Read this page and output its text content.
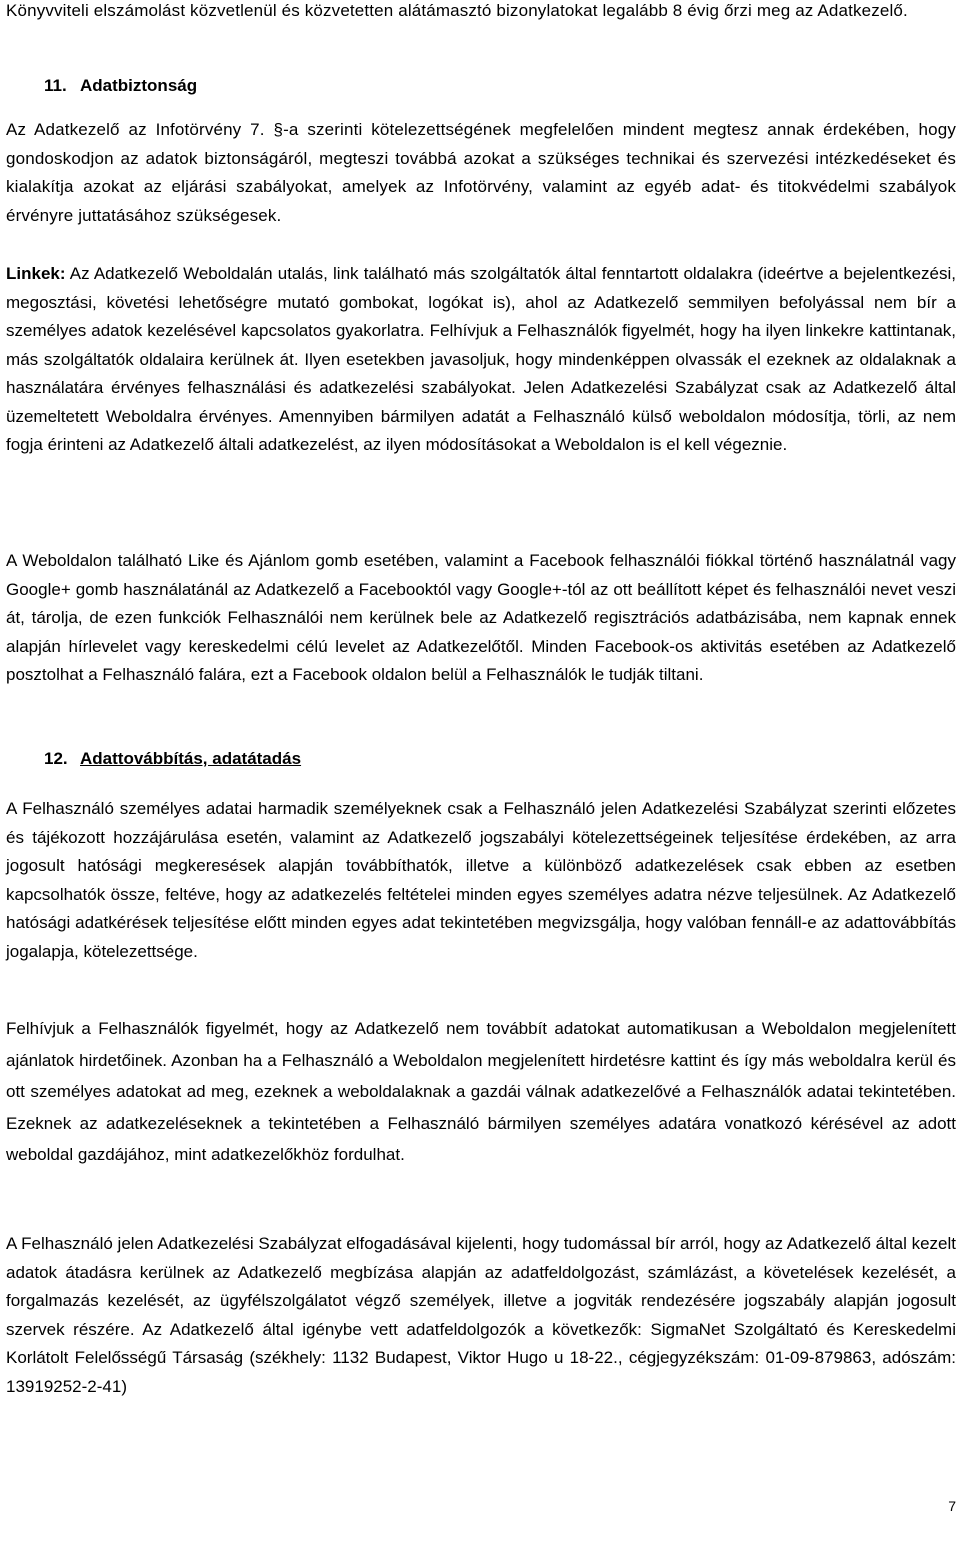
Könyvviteli elszámolást közvetlenül és közvetetten alátámasztó bizonylatokat legalább 8 évig őrzi meg az Adatkezelő.

11. Adatbiztonság

Az Adatkezelő az Infotörvény 7. §-a szerinti kötelezettségének megfelelően mindent megtesz annak érdekében, hogy gondoskodjon az adatok biztonságáról, megteszi továbbá azokat a szükséges technikai és szervezési intézkedéseket és kialakítja azokat az eljárási szabályokat, amelyek az Infotörvény, valamint az egyéb adat- és titokvédelmi szabályok érvényre juttatásához szükségesek.

Linkek: Az Adatkezelő Weboldalán utalás, link található más szolgáltatók által fenntartott oldalakra (ideértve a bejelentkezési, megosztási, követési lehetőségre mutató gombokat, logókat is), ahol az Adatkezelő semmilyen befolyással nem bír a személyes adatok kezelésével kapcsolatos gyakorlatra. Felhívjuk a Felhasználók figyelmét, hogy ha ilyen linkekre kattintanak, más szolgáltatók oldalaira kerülnek át. Ilyen esetekben javasoljuk, hogy mindenképpen olvassák el ezeknek az oldalaknak a használatára érvényes felhasználási és adatkezelési szabályokat. Jelen Adatkezelési Szabályzat csak az Adatkezelő által üzemeltetett Weboldalra érvényes. Amennyiben bármilyen adatát a Felhasználó külső weboldalon módosítja, törli, az nem fogja érinteni az Adatkezelő általi adatkezelést, az ilyen módosításokat a Weboldalon is el kell végeznie.

A Weboldalon található Like és Ajánlom gomb esetében, valamint a Facebook felhasználói fiókkal történő használatnál vagy Google+ gomb használatánál az Adatkezelő a Facebooktól vagy Google+-tól az ott beállított képet és felhasználói nevet veszi át, tárolja, de ezen funkciók Felhasználói nem kerülnek bele az Adatkezelő regisztrációs adatbázisába, nem kapnak ennek alapján hírlevelet vagy kereskedelmi célú levelet az Adatkezelőtől. Minden Facebook-os aktivitás esetében az Adatkezelő posztolhat a Felhasználó falára, ezt a Facebook oldalon belül a Felhasználók le tudják tiltani.

12. Adattovábbítás, adatátadás

A Felhasználó személyes adatai harmadik személyeknek csak a Felhasználó jelen Adatkezelési Szabályzat szerinti előzetes és tájékozott hozzájárulása esetén, valamint az Adatkezelő jogszabályi kötelezettségeinek teljesítése érdekében, az arra jogosult hatósági megkeresések alapján továbbíthatók, illetve a különböző adatkezelések csak ebben az esetben kapcsolhatók össze, feltéve, hogy az adatkezelés feltételei minden egyes személyes adatra nézve teljesülnek. Az Adatkezelő hatósági adatkérések teljesítése előtt minden egyes adat tekintetében megvizsgálja, hogy valóban fennáll-e az adattovábbítás jogalapja, kötelezettsége.

Felhívjuk a Felhasználók figyelmét, hogy az Adatkezelő nem továbbít adatokat automatikusan a Weboldalon megjelenített ajánlatok hirdetőinek. Azonban ha a Felhasználó a Weboldalon megjelenített hirdetésre kattint és így más weboldalra kerül és ott személyes adatokat ad meg, ezeknek a weboldalaknak a gazdái válnak adatkezelővé a Felhasználók adatai tekintetében. Ezeknek az adatkezeléseknek a tekintetében a Felhasználó bármilyen személyes adatára vonatkozó kérésével az adott weboldal gazdájához, mint adatkezelőkhöz fordulhat.

A Felhasználó jelen Adatkezelési Szabályzat elfogadásával kijelenti, hogy tudomással bír arról, hogy az Adatkezelő által kezelt adatok átadásra kerülnek az Adatkezelő megbízása alapján az adatfeldolgozást, számlázást, a követelések kezelését, a forgalmazás kezelését, az ügyfélszolgálatot végző személyek, illetve a jogviták rendezésére jogszabály alapján jogosult szervek részére. Az Adatkezelő által igénybe vett adatfeldolgozók a következők: SigmaNet Szolgáltató és Kereskedelmi Korlátolt Felelősségű Társaság (székhely: 1132 Budapest, Viktor Hugo u 18-22., cégjegyzékszám: 01-09-879863, adószám: 13919252-2-41)

7
